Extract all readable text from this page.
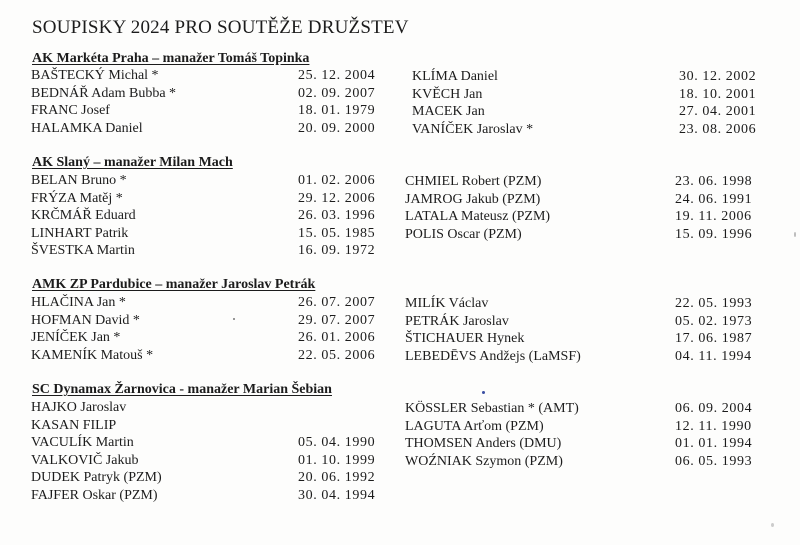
SOUPISKY 2024 PRO SOUTĚŽE DRUŽSTEV
AK Markéta Praha – manažer Tomáš Topinka
BAŠTECKÝ Michal *	25. 12. 2004
BEDNÁŘ Adam Bubba *	02. 09. 2007
FRANC Josef	18. 01. 1979
HALAMKA Daniel	20. 09. 2000
KLÍMA Daniel	30. 12. 2002
KVĚCH Jan	18. 10. 2001
MACEK Jan	27. 04. 2001
VANÍČEK Jaroslav *	23. 08. 2006
AK Slaný – manažer Milan Mach
BELAN Bruno *	01. 02. 2006
FRÝZA Matěj *	29. 12. 2006
KRČMÁŘ Eduard	26. 03. 1996
LINHART Patrik	15. 05. 1985
ŠVESTKA Martin	16. 09. 1972
CHMIEL Robert (PZM)	23. 06. 1998
JAMROG Jakub (PZM)	24. 06. 1991
LATALA Mateusz (PZM)	19. 11. 2006
POLIS Oscar (PZM)	15. 09. 1996
AMK ZP Pardubice – manažer Jaroslav Petrák
HLAČINA Jan *	26. 07. 2007
HOFMAN David *	29. 07. 2007
JENÍČEK Jan *	26. 01. 2006
KAMENÍK Matouš *	22. 05. 2006
MILÍK Václav	22. 05. 1993
PETRÁK Jaroslav	05. 02. 1973
ŠTICHAUER Hynek	17. 06. 1987
LEBEDĒVS Andžejs (LaMSF)	04. 11. 1994
SC Dynamax Žarnovica - manažer Marian Šebian
HAJKO Jaroslav
KASAN FILIP
VACULÍK Martin	05. 04. 1990
VALKOVIČ Jakub	01. 10. 1999
DUDEK Patryk (PZM)	20. 06. 1992
FAJFER Oskar (PZM)	30. 04. 1994
KÖSSLER Sebastian * (AMT)	06. 09. 2004
LAGUTA Arťom (PZM)	12. 11. 1990
THOMSEN Anders (DMU)	01. 01. 1994
WOŹNIAK Szymon (PZM)	06. 05. 1993
